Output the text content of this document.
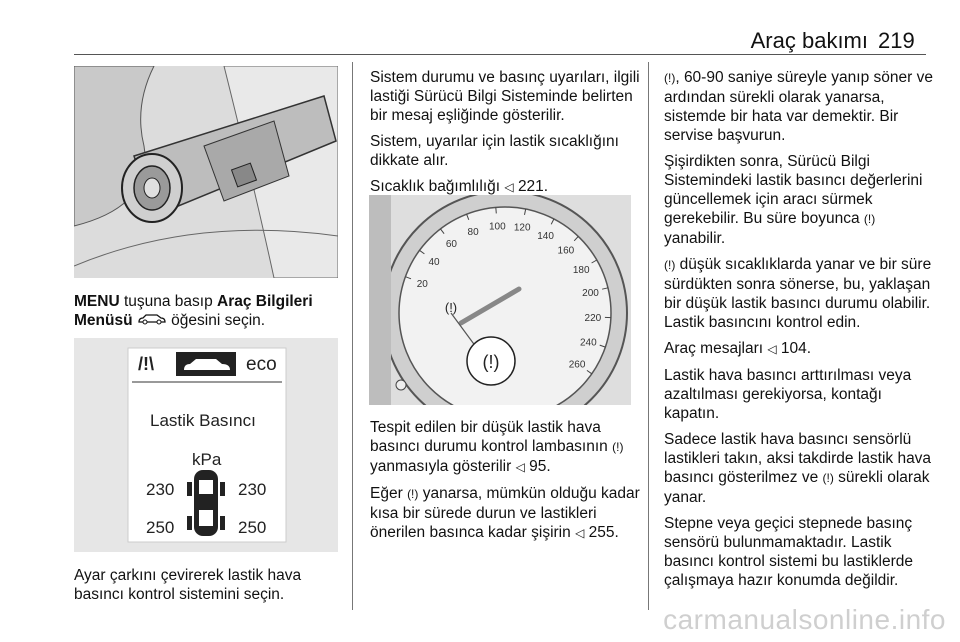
Araç bakımı 219

MENU tuşuna basıp Araç Bilgileri Menüsü  öğesini seçin.

/!\	eco
Lastik Basıncı
kPa
230	230
250	250

Ayar çarkını çevirerek lastik hava basıncı kontrol sistemini seçin.

Sistem durumu ve basınç uyarıları, ilgili lastiği Sürücü Bilgi Sisteminde belirten bir mesaj eşliğinde gösterilir.

Sistem, uyarılar için lastik sıcaklığını dikkate alır.

Sıcaklık bağımlılığı ◁ 221.

20
40
60
80
100 120
140
160
180
200
220
240
260
(!)
(!)

Tespit edilen bir düşük lastik hava basıncı durumu kontrol lambasının (!) yanmasıyla gösterilir ◁ 95.

Eğer (!) yanarsa, mümkün olduğu kadar kısa bir sürede durun ve lastikleri önerilen basınca kadar şişirin ◁ 255.

(!), 60-90 saniye süreyle yanıp söner ve ardından sürekli olarak yanarsa, sistemde bir hata var demektir. Bir servise başvurun.

Şişirdikten sonra, Sürücü Bilgi Sistemindeki lastik basıncı değerlerini güncellemek için aracı sürmek gerekebilir. Bu süre boyunca (!) yanabilir.

(!) düşük sıcaklıklarda yanar ve bir süre sürdükten sonra sönerse, bu, yaklaşan bir düşük lastik basıncı durumu olabilir. Lastik basıncını kontrol edin.

Araç mesajları ◁ 104.

Lastik hava basıncı arttırılması veya azaltılması gerekiyorsa, kontağı kapatın.

Sadece lastik hava basıncı sensörlü lastikleri takın, aksi takdirde lastik hava basıncı gösterilmez ve (!) sürekli olarak yanar.

Stepne veya geçici stepnede basınç sensörü bulunmamaktadır. Lastik basıncı kontrol sistemi bu lastiklerde çalışmaya hazır konumda değildir.

carmanualsonline.info
